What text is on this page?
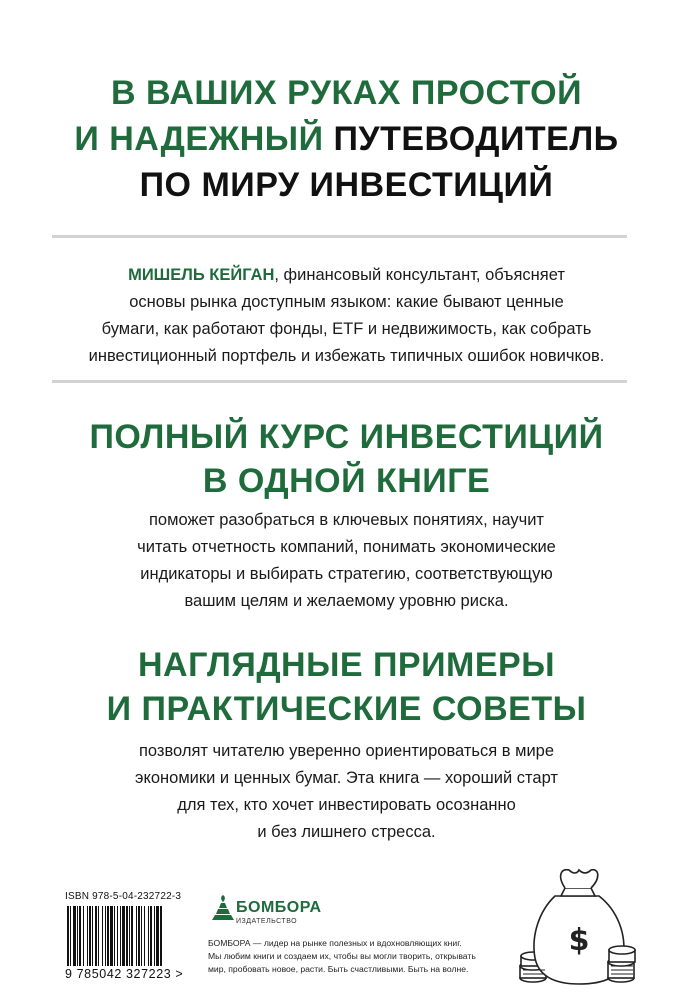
В ВАШИХ РУКАХ ПРОСТОЙ
И НАДЕЖНЫЙ ПУТЕВОДИТЕЛЬ
ПО МИРУ ИНВЕСТИЦИЙ
МИШЕЛЬ КЕЙГАН, финансовый консультант, объясняет
основы рынка доступным языком: какие бывают ценные
бумаги, как работают фонды, ETF и недвижимость, как собрать
инвестиционный портфель и избежать типичных ошибок новичков.
ПОЛНЫЙ КУРС ИНВЕСТИЦИЙ
В ОДНОЙ КНИГЕ
поможет разобраться в ключевых понятиях, научит
читать отчетность компаний, понимать экономические
индикаторы и выбирать стратегию, соответствующую
вашим целям и желаемому уровню риска.
НАГЛЯДНЫЕ ПРИМЕРЫ
И ПРАКТИЧЕСКИЕ СОВЕТЫ
позволят читателю уверенно ориентироваться в мире
экономики и ценных бумаг. Эта книга — хороший старт
для тех, кто хочет инвестировать осознанно
и без лишнего стресса.
ISBN 978-5-04-232722-3
9 785042 327223 >
БОМБОРА
ИЗДАТЕЛЬСТВО
БОМБОРА — лидер на рынке полезных и вдохновляющих книг.
Мы любим книги и создаем их, чтобы вы могли творить, открывать
мир, пробовать новое, расти. Быть счастливыми. Быть на волне.
$
